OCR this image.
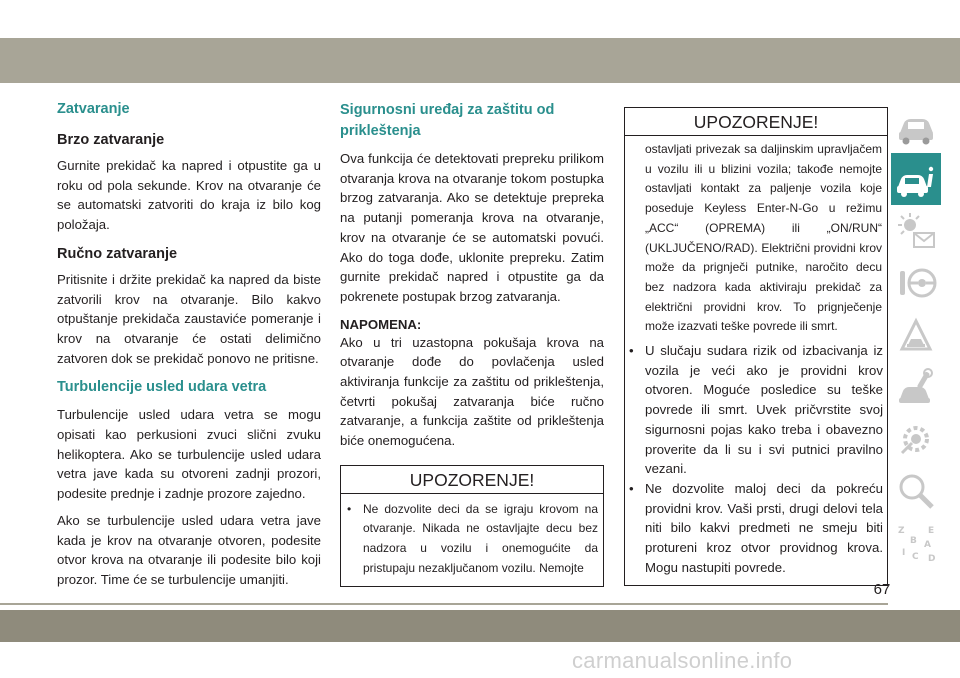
Zatvaranje
Brzo zatvaranje

Gurnite prekidač ka napred i otpustite ga u roku od pola sekunde. Krov na otvaranje će se automatski zatvoriti do kraja iz bilo kog položaja.

Ručno zatvaranje

Pritisnite i držite prekidač ka napred da biste zatvorili krov na otvaranje. Bilo kakvo otpuštanje prekidača zaustaviće pomeranje i krov na otvaranje će ostati delimično zatvoren dok se prekidač ponovo ne pritisne.

Turbulencije usled udara vetra

Turbulencije usled udara vetra se mogu opisati kao perkusioni zvuci slični zvuku helikoptera. Ako se turbulencije usled udara vetra jave kada su otvoreni zadnji prozori, podesite prednje i zadnje prozore zajedno.

Ako se turbulencije usled udara vetra jave kada je krov na otvaranje otvoren, podesite otvor krova na otvaranje ili podesite bilo koji prozor. Time će se turbulencije umanjiti.

Sigurnosni uređaj za zaštitu od prikleštenja

Ova funkcija će detektovati prepreku prilikom otvaranja krova na otvaranje tokom postupka brzog zatvaranja. Ako se detektuje prepreka na putanji pomeranja krova na otvaranje, krov na otvaranje će se automatski povući. Ako do toga dođe, uklonite prepreku. Zatim gurnite prekidač napred i otpustite ga da pokrenete postupak brzog zatvaranja.

NAPOMENA:

Ako u tri uzastopna pokušaja krova na otvaranje dođe do povlačenja usled aktiviranja funkcije za zaštitu od prikleštenja, četvrti pokušaj zatvaranja biće ručno zatvaranje, a funkcija zaštite od prikleštenja biće onemogućena.

UPOZORENJE!
• Ne dozvolite deci da se igraju krovom na otvaranje. Nikada ne ostavljajte decu bez nadzora u vozilu i onemogućite da pristupaju nezaključanom vozilu. Nemojte
UPOZORENJE!
ostavljati privezak sa daljinskim upravljačem u vozilu ili u blizini vozila; takođe nemojte ostavljati kontakt za paljenje vozila koje poseduje Keyless Enter-N-Go u režimu „ACC“ (OPREMA) ili „ON/RUN“ (UKLJUČENO/RAD). Električni providni krov može da prignječi putnike, naročito decu bez nadzora kada aktiviraju prekidač za električni providni krov. To prignječenje može izazvati teške povrede ili smrt.
• U slučaju sudara rizik od izbacivanja iz vozila je veći ako je providni krov otvoren. Moguće posledice su teške povrede ili smrt. Uvek pričvrstite svoj sigurnosni pojas kako treba i obavezno proverite da li su i svi putnici pravilno vezani.
• Ne dozvolite maloj deci da pokreću providni krov. Vaši prsti, drugi delovi tela niti bilo kakvi predmeti ne smeju biti protureni kroz otvor providnog krova. Mogu nastupiti povrede.
Z	E
B A
I C D
67
carmanualsonline.info
